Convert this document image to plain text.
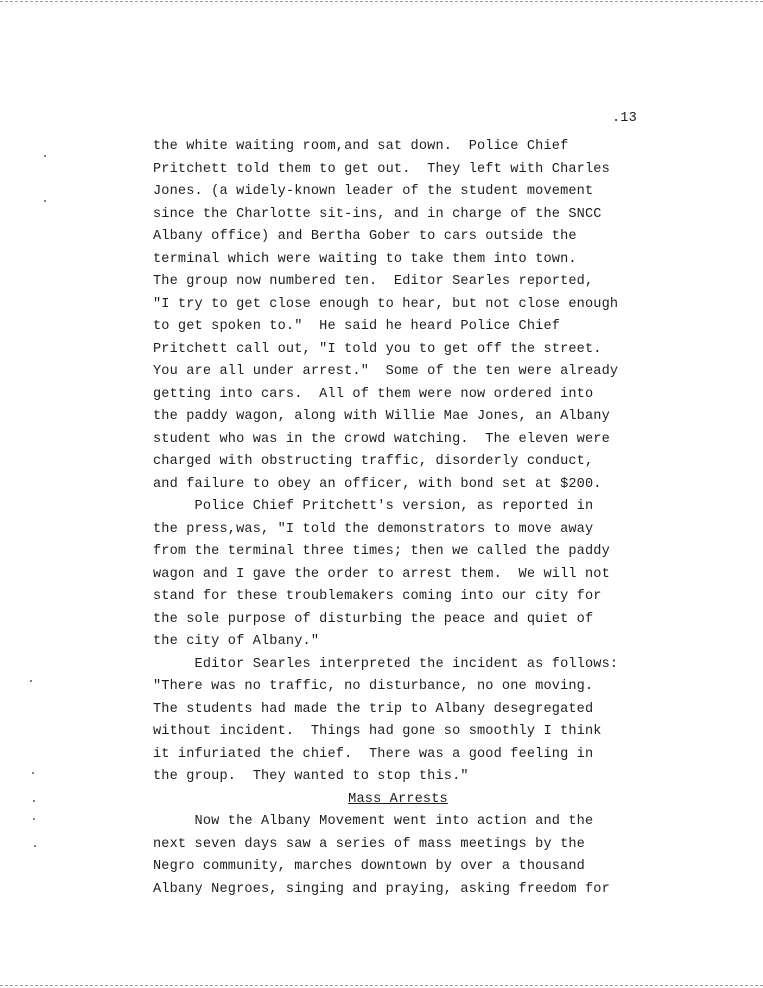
.13
the white waiting room,and sat down.  Police Chief
Pritchett told them to get out.  They left with Charles
Jones. (a widely-known leader of the student movement
since the Charlotte sit-ins, and in charge of the SNCC
Albany office) and Bertha Gober to cars outside the
terminal which were waiting to take them into town.
The group now numbered ten.  Editor Searles reported,
"I try to get close enough to hear, but not close enough
to get spoken to."  He said he heard Police Chief
Pritchett call out, "I told you to get off the street.
You are all under arrest."  Some of the ten were already
getting into cars.  All of them were now ordered into
the paddy wagon, along with Willie Mae Jones, an Albany
student who was in the crowd watching.  The eleven were
charged with obstructing traffic, disorderly conduct,
and failure to obey an officer, with bond set at $200.
Police Chief Pritchett's version, as reported in
the press,was, "I told the demonstrators to move away
from the terminal three times; then we called the paddy
wagon and I gave the order to arrest them.  We will not
stand for these troublemakers coming into our city for
the sole purpose of disturbing the peace and quiet of
the city of Albany."
Editor Searles interpreted the incident as follows:
"There was no traffic, no disturbance, no one moving.
The students had made the trip to Albany desegregated
without incident.  Things had gone so smoothly I think
it infuriated the chief.  There was a good feeling in
the group.  They wanted to stop this."
Mass Arrests
Now the Albany Movement went into action and the
next seven days saw a series of mass meetings by the
Negro community, marches downtown by over a thousand
Albany Negroes, singing and praying, asking freedom for
